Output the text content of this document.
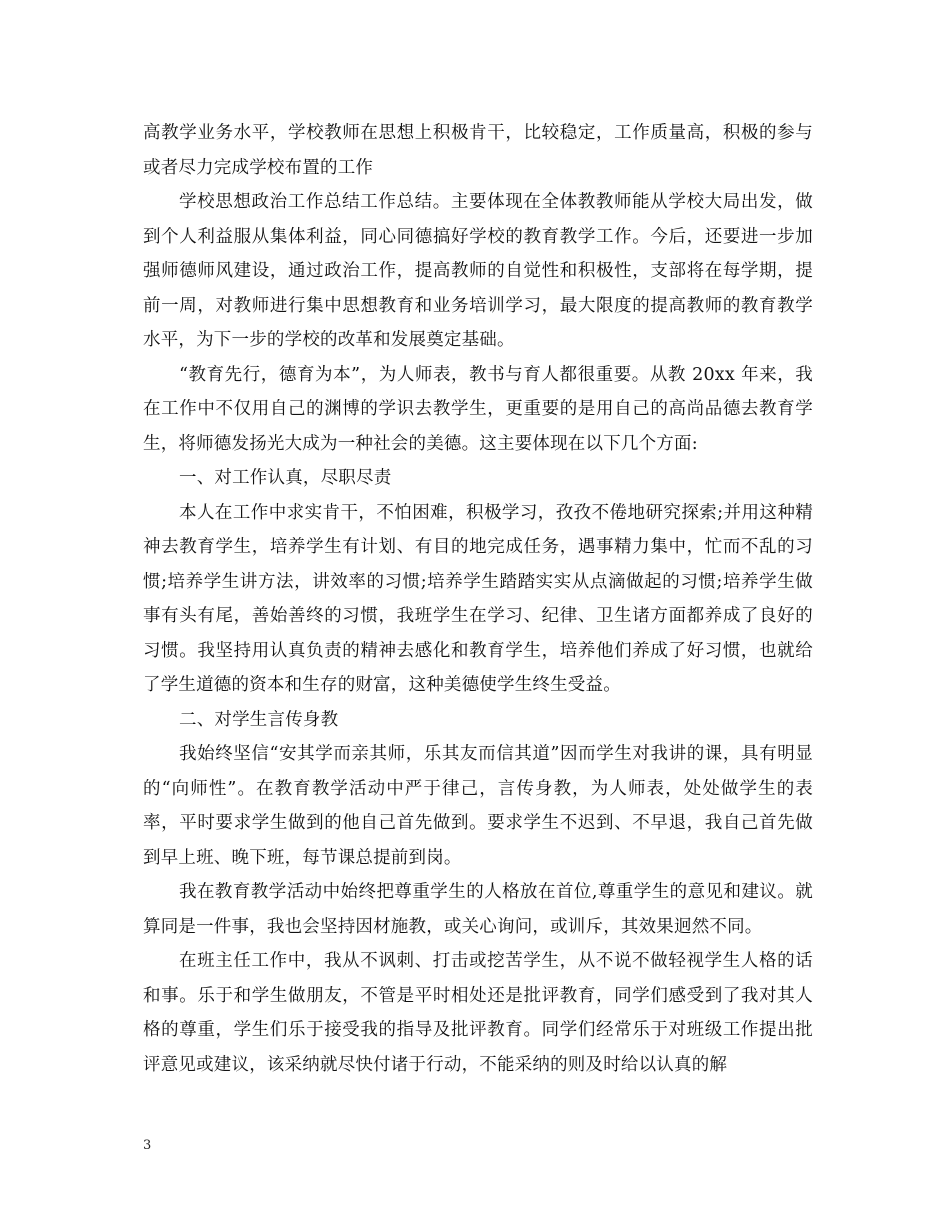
高教学业务水平，学校教师在思想上积极肯干，比较稳定，工作质量高，积极的参与或者尽力完成学校布置的工作

学校思想政治工作总结工作总结。主要体现在全体教教师能从学校大局出发，做到个人利益服从集体利益，同心同德搞好学校的教育教学工作。今后，还要进一步加强师德师风建设，通过政治工作，提高教师的自觉性和积极性，支部将在每学期，提前一周，对教师进行集中思想教育和业务培训学习，最大限度的提高教师的教育教学水平，为下一步的学校的改革和发展奠定基础。

“教育先行，德育为本”，为人师表，教书与育人都很重要。从教 20xx 年来，我在工作中不仅用自己的渊博的学识去教学生，更重要的是用自己的高尚品德去教育学生，将师德发扬光大成为一种社会的美德。这主要体现在以下几个方面:

一、对工作认真，尽职尽责

本人在工作中求实肯干，不怕困难，积极学习，孜孜不倦地研究探索;并用这种精神去教育学生，培养学生有计划、有目的地完成任务，遇事精力集中，忙而不乱的习惯;培养学生讲方法，讲效率的习惯;培养学生踏踏实实从点滴做起的习惯;培养学生做事有头有尾，善始善终的习惯，我班学生在学习、纪律、卫生诸方面都养成了良好的习惯。我坚持用认真负责的精神去感化和教育学生，培养他们养成了好习惯，也就给了学生道德的资本和生存的财富，这种美德使学生终生受益。

二、对学生言传身教

我始终坚信“安其学而亲其师，乐其友而信其道”因而学生对我讲的课，具有明显的“向师性”。在教育教学活动中严于律己，言传身教，为人师表，处处做学生的表率，平时要求学生做到的他自己首先做到。要求学生不迟到、不早退，我自己首先做到早上班、晚下班，每节课总提前到岗。

我在教育教学活动中始终把尊重学生的人格放在首位,尊重学生的意见和建议。就算同是一件事，我也会坚持因材施教，或关心询问，或训斥，其效果迥然不同。

在班主任工作中，我从不讽刺、打击或挖苦学生，从不说不做轻视学生人格的话和事。乐于和学生做朋友，不管是平时相处还是批评教育，同学们感受到了我对其人格的尊重，学生们乐于接受我的指导及批评教育。同学们经常乐于对班级工作提出批评意见或建议，该采纳就尽快付诸于行动，不能采纳的则及时给以认真的解

3
